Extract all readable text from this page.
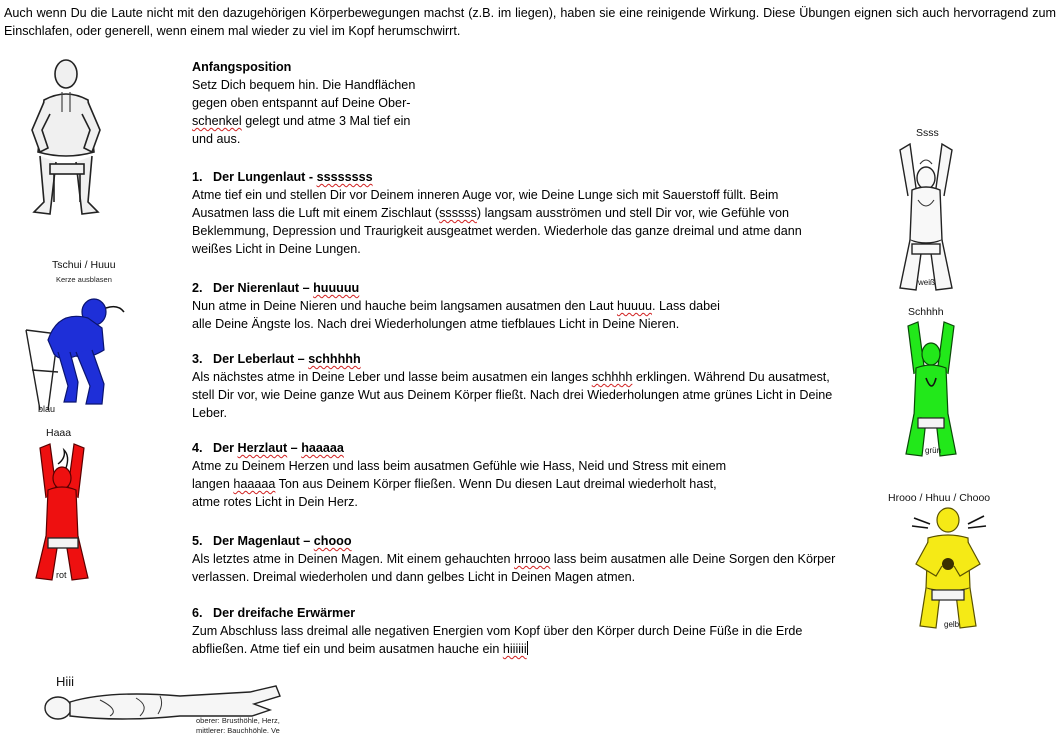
Auch wenn Du die Laute nicht mit den dazugehörigen Körperbewegungen machst (z.B. im liegen), haben sie eine reinigende Wirkung. Diese Übungen eignen sich auch hervorragend zum Einschlafen, oder generell, wenn einem mal wieder zu viel im Kopf herumschwirrt.
Anfangsposition
Setz Dich bequem hin. Die Handflächen
gegen oben entspannt auf Deine Ober-
schenkel gelegt und atme 3 Mal tief ein
und aus.
1. Der Lungenlaut - ssssssss
Atme tief ein und stellen Dir vor Deinem inneren Auge vor, wie Deine Lunge sich mit Sauerstoff füllt. Beim
Ausatmen lass die Luft mit einem Zischlaut (ssssss) langsam ausströmen und stell Dir vor, wie Gefühle von
Beklemmung, Depression und Traurigkeit ausgeatmet werden. Wiederhole das ganze dreimal und atme dann
weißes Licht in Deine Lungen.
2. Der Nierenlaut – huuuuu
Nun atme in Deine Nieren und hauche beim langsamen ausatmen den Laut huuuu. Lass dabei
alle Deine Ängste los. Nach drei Wiederholungen atme tiefblaues Licht in Deine Nieren.
3. Der Leberlaut – schhhhh
Als nächstes atme in Deine Leber und lasse beim ausatmen ein langes schhhh erklingen. Während Du ausatmest,
stell Dir vor, wie Deine ganze Wut aus Deinem Körper fließt. Nach drei Wiederholungen atme grünes Licht in Deine
Leber.
4. Der Herzlaut – haaaaa
Atme zu Deinem Herzen und lass beim ausatmen Gefühle wie Hass, Neid und Stress mit einem
langen haaaaa Ton aus Deinem Körper fließen. Wenn Du diesen Laut dreimal wiederholt hast,
atme rotes Licht in Dein Herz.
5. Der Magenlaut – chooo
Als letztes atme in Deinen Magen. Mit einem gehauchten hrrooo lass beim ausatmen alle Deine Sorgen den Körper
verlassen. Dreimal wiederholen und dann gelbes Licht in Deinen Magen atmen.
6. Der dreifache Erwärmer
Zum Abschluss lass dreimal alle negativen Energien vom Kopf über den Körper durch Deine Füße in die Erde
abfließen. Atme tief ein und beim ausatmen hauche ein hiiiiii
Tschui / Huuu
Kerze ausblasen
blau
Haaa
rot
Hiii
oberer: Brusthöhle, Herz,
mittlerer: Bauchhöhle. Ve
Ssss
weiß
Schhhh
grün
Hrooo / Hhuu / Chooo
gelb
